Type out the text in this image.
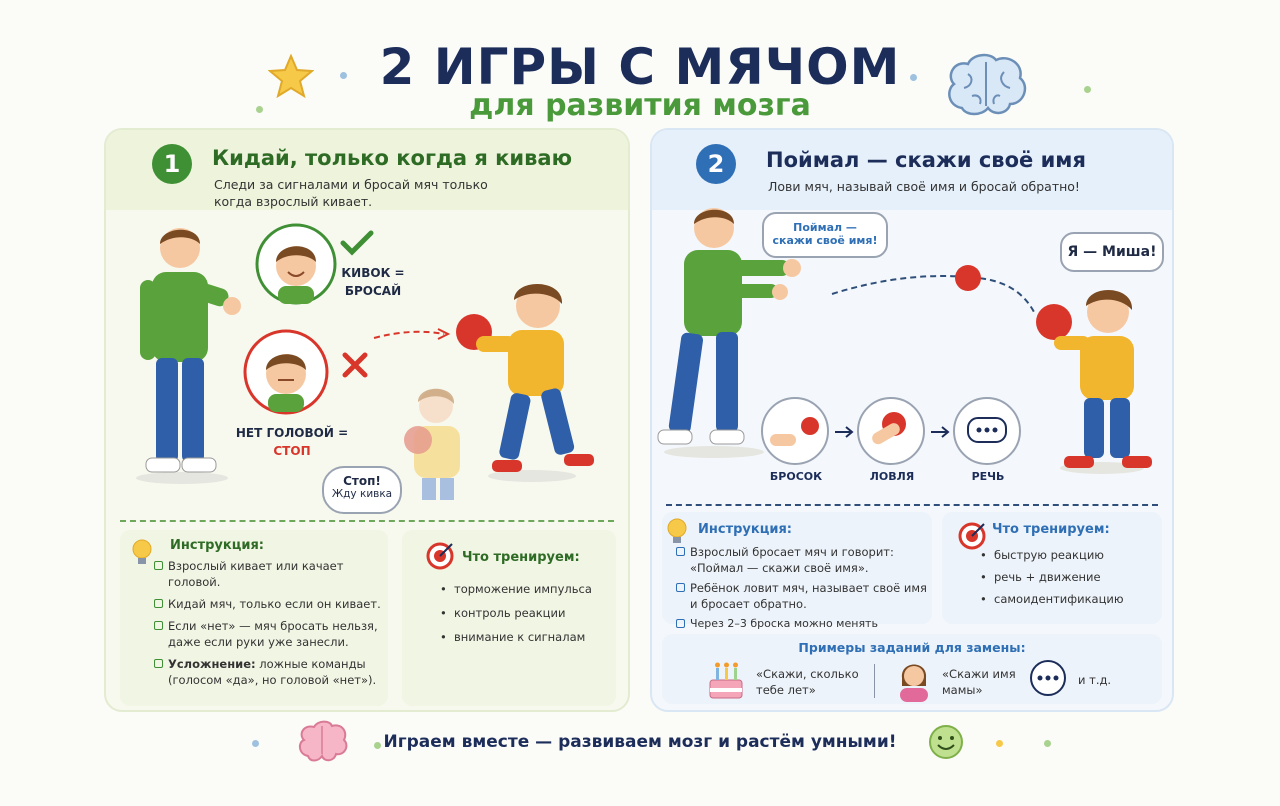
2 ИГРЫ С МЯЧОМ
для развития мозга
1	Кидай, только когда я киваю
Следи за сигналами и бросай мяч только когда взрослый кивает.
КИВОК =
БРОСАЙ
НЕТ ГОЛОВОЙ =
СТОП
Стоп!
Жду кивка
Инструкция:
Взрослый кивает или качает головой.
Кидай мяч, только если он кивает.
Если «нет» — мяч бросать нельзя, даже если руки уже занесли.
Усложнение: ложные команды (голосом «да», но головой «нет»).
Что тренируем:
• торможение импульса
• контроль реакции
• внимание к сигналам
2	Поймал — скажи своё имя
Лови мяч, называй своё имя и бросай обратно!
Поймал —
скажи своё имя!
Я — Миша!
БРОСОК	ЛОВЛЯ	РЕЧЬ
Инструкция:
Взрослый бросает мяч и говорит: «Поймал — скажи своё имя».
Ребёнок ловит мяч, называет своё имя и бросает обратно.
Через 2–3 броска можно менять
Что тренируем:
• быструю реакцию
• речь + движение
• самоидентификацию
Примеры заданий для замены:
«Скажи, сколько тебе лет»
«Скажи имя мамы»
и т.д.
Играем вместе — развиваем мозг и растём умными!
